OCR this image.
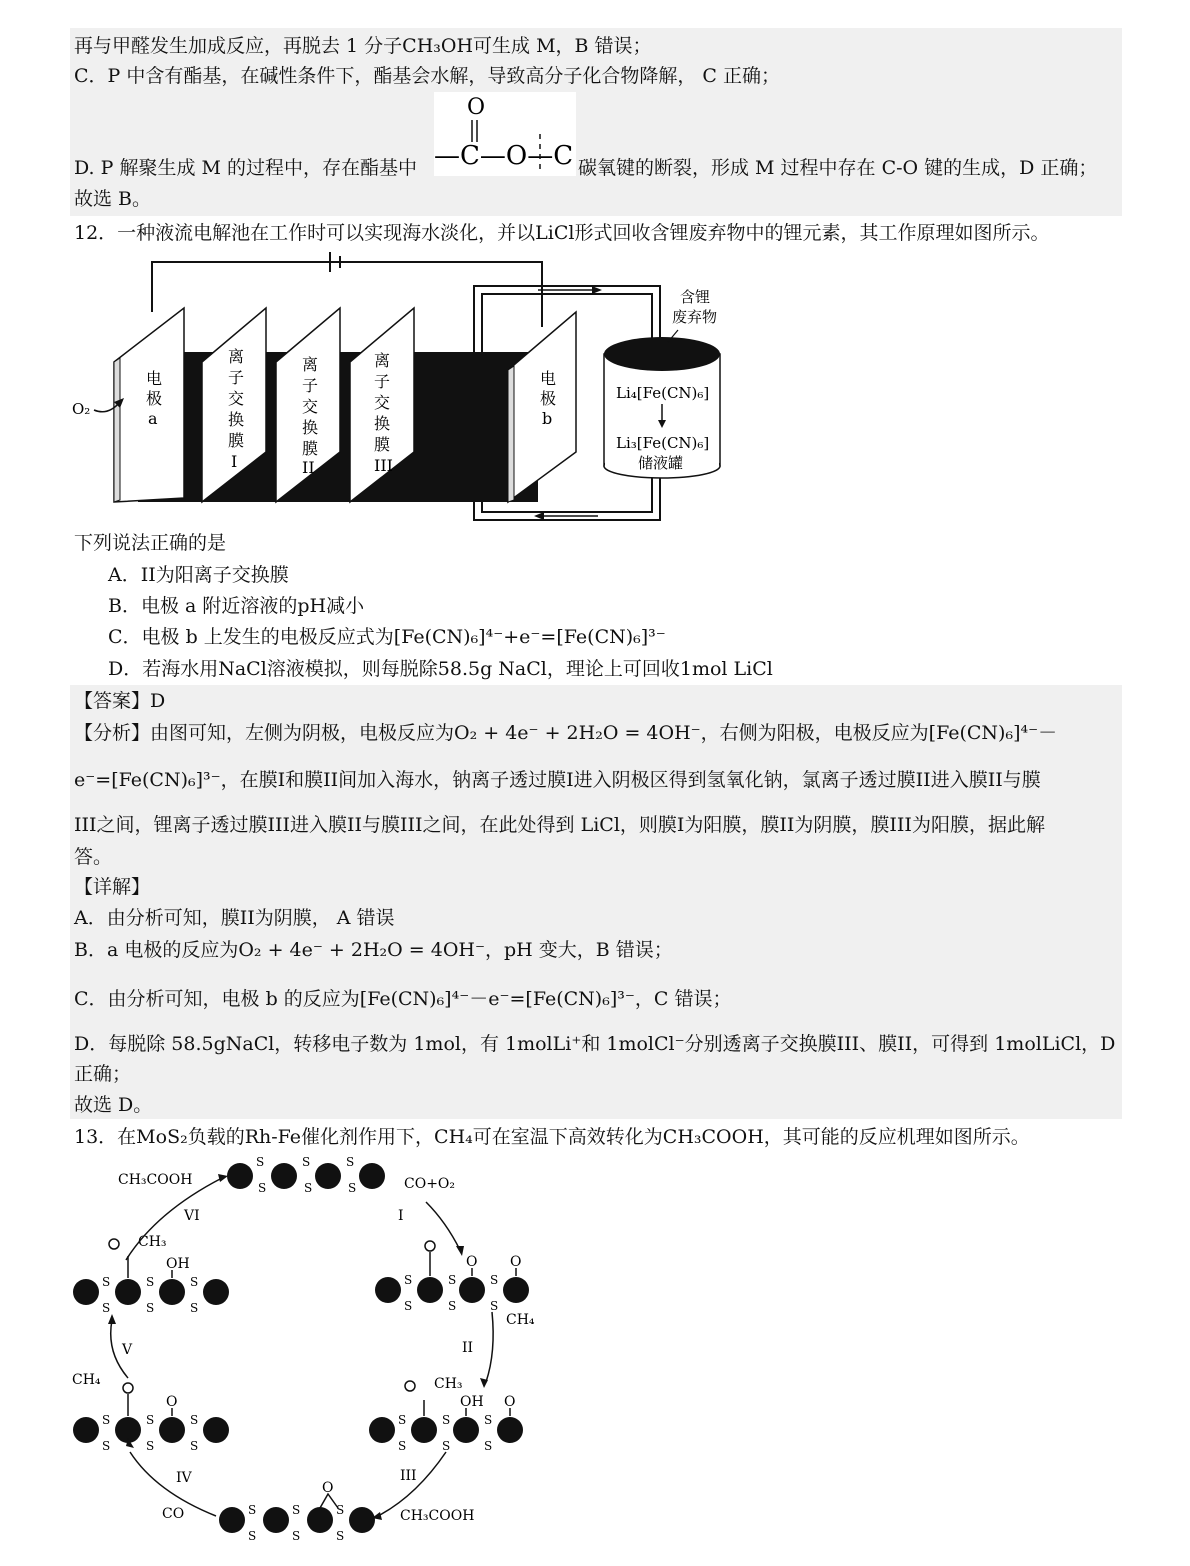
再与甲醛发生加成反应，再脱去 1 分子CH₃OH可生成 M，B 错误；
C．P 中含有酯基，在碱性条件下，酯基会水解，导致高分子化合物降解， C 正确；
O
—C—O—C
D. P 解聚生成 M 的过程中，存在酯基中	碳氧键的断裂，形成 M 过程中存在 C-O 键的生成，D 正确；
故选 B。
12．一种液流电解池在工作时可以实现海水淡化，并以LiCl形式回收含锂废弃物中的锂元素，其工作原理如图所示。
O₂
电
极
a
离
子
交
换
膜
I
离
子
交
换
膜
II
离
子
交
换
膜
III
电
极
b
含锂
废弃物
Li₄[Fe(CN)₆]
Li₃[Fe(CN)₆]
储液罐
下列说法正确的是
A．II为阳离子交换膜
B．电极 a 附近溶液的pH减小
C．电极 b 上发生的电极反应式为[Fe(CN)₆]⁴⁻+e⁻=[Fe(CN)₆]³⁻
D．若海水用NaCl溶液模拟，则每脱除58.5g NaCl，理论上可回收1mol LiCl
【答案】D
【分析】由图可知，左侧为阴极，电极反应为O₂ + 4e⁻ + 2H₂O = 4OH⁻，右侧为阳极，电极反应为[Fe(CN)₆]⁴⁻－
e⁻=[Fe(CN)₆]³⁻，在膜I和膜II间加入海水，钠离子透过膜I进入阴极区得到氢氧化钠，氯离子透过膜II进入膜II与膜
III之间，锂离子透过膜III进入膜II与膜III之间，在此处得到 LiCl，则膜I为阳膜，膜II为阴膜，膜III为阳膜，据此解
答。
【详解】
A．由分析可知，膜II为阴膜， A 错误
B．a 电极的反应为O₂ + 4e⁻ + 2H₂O = 4OH⁻，pH 变大，B 错误；
C．由分析可知，电极 b 的反应为[Fe(CN)₆]⁴⁻－e⁻=[Fe(CN)₆]³⁻，C 错误；
D．每脱除 58.5gNaCl，转移电子数为 1mol，有 1molLi⁺和 1molCl⁻分别透离子交换膜III、膜II，可得到 1molLiCl，D
正确；
故选 D。
13．在MoS₂负载的Rh-Fe催化剂作用下，CH₄可在室温下高效转化为CH₃COOH，其可能的反应机理如图所示。
S
S
S
S
S
S
S
S
S
S
S
S
S
S
S
S
S
S
S
S
S
S
S
S
S
S
S
S
S
S
S
S
S
S
S
S
O O
OH O
CH₃
O
OH
CH₃
O
CH₃COOH	CO+O₂
I
VI
CH₄
II
V
CH₄
III
CH₃COOH
IV
CO
